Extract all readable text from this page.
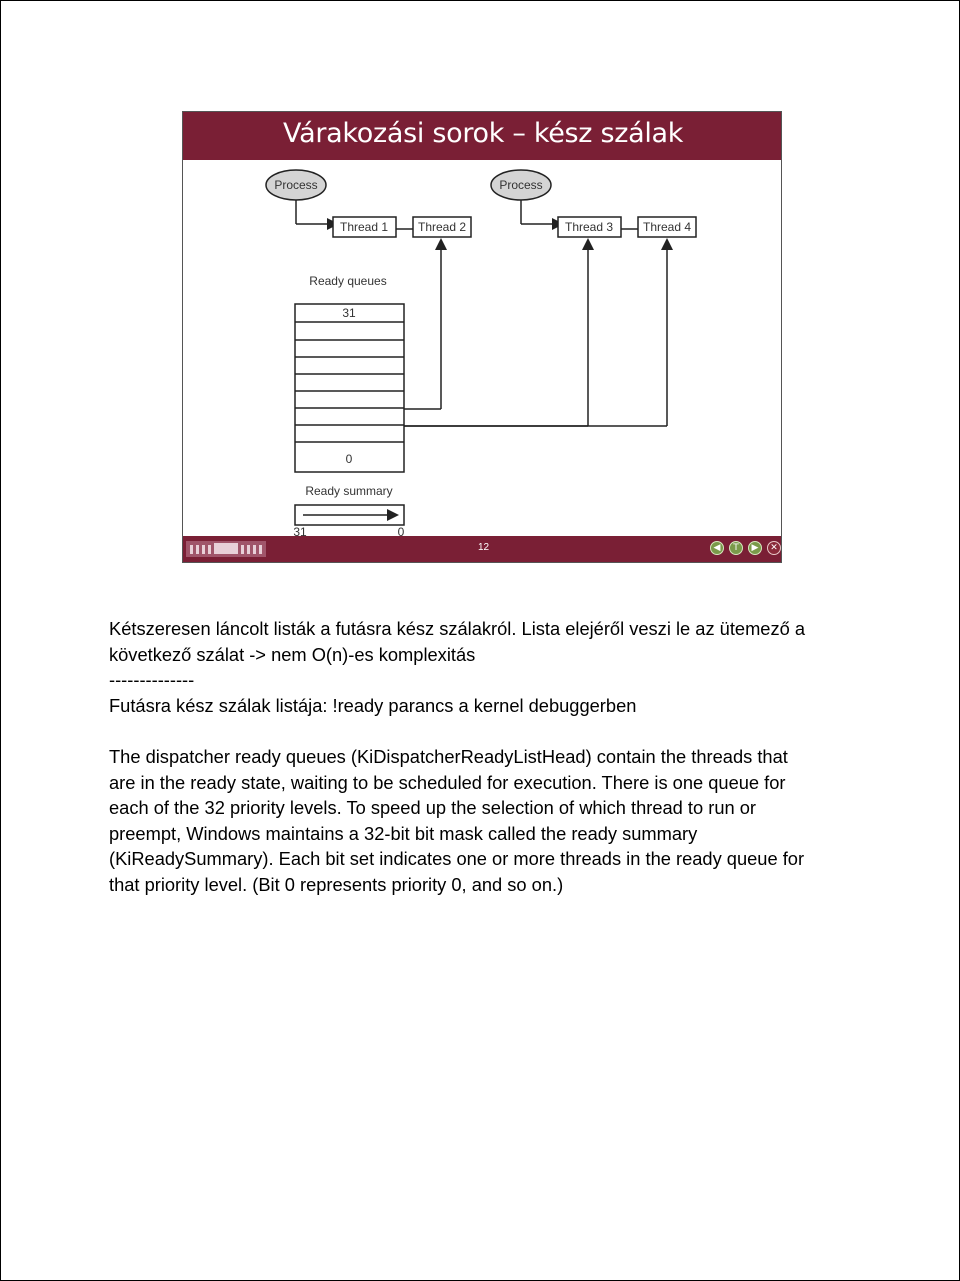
Várakozási sorok – kész szálak
Process	Process
Thread 1 Thread 2	Thread 3 Thread 4
Ready queues
31
0
Ready summary
31	0
12	◀	T	▶	✕

Kétszeresen láncolt listák a futásra kész szálakról. Lista elejéről veszi le az ütemező a

következő szálat -> nem O(n)-es komplexitás

--------------

Futásra kész szálak listája: !ready parancs a kernel debuggerben

The dispatcher ready queues (KiDispatcherReadyListHead) contain the threads that

are in the ready state, waiting to be scheduled for execution. There is one queue for

each of the 32 priority levels. To speed up the selection of which thread to run or

preempt, Windows maintains a 32-bit bit mask called the ready summary

(KiReadySummary). Each bit set indicates one or more threads in the ready queue for

that priority level. (Bit 0 represents priority 0, and so on.)
